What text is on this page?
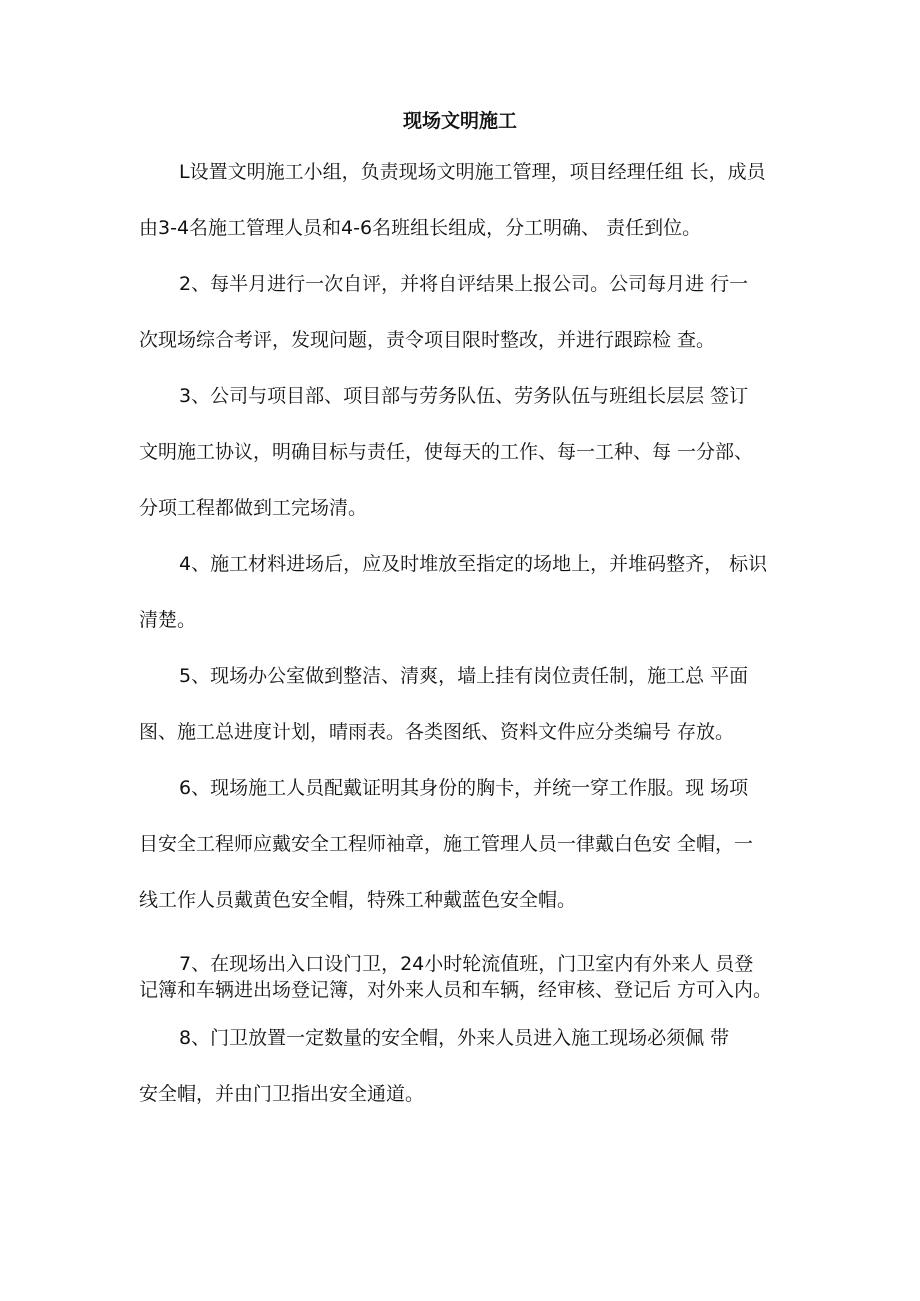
现场文明施工
L设置文明施工小组，负责现场文明施工管理，项目经理任组 长，成员
由3-4名施工管理人员和4-6名班组长组成，分工明确、 责任到位。
2、每半月进行一次自评，并将自评结果上报公司。公司每月进 行一
次现场综合考评，发现问题，责令项目限时整改，并进行跟踪检 查。
3、公司与项目部、项目部与劳务队伍、劳务队伍与班组长层层 签订
文明施工协议，明确目标与责任，使每天的工作、每一工种、每 一分部、
分项工程都做到工完场清。
4、施工材料进场后，应及时堆放至指定的场地上，并堆码整齐， 标识
清楚。
5、现场办公室做到整洁、清爽，墙上挂有岗位责任制，施工总 平面
图、施工总进度计划，晴雨表。各类图纸、资料文件应分类编号 存放。
6、现场施工人员配戴证明其身份的胸卡，并统一穿工作服。现 场项
目安全工程师应戴安全工程师袖章，施工管理人员一律戴白色安 全帽，一
线工作人员戴黄色安全帽，特殊工种戴蓝色安全帽。
7、在现场出入口设门卫，24小时轮流值班，门卫室内有外来人 员登
记簿和车辆进出场登记簿，对外来人员和车辆，经审核、登记后 方可入内。
8、门卫放置一定数量的安全帽，外来人员进入施工现场必须佩 带
安全帽，并由门卫指出安全通道。
